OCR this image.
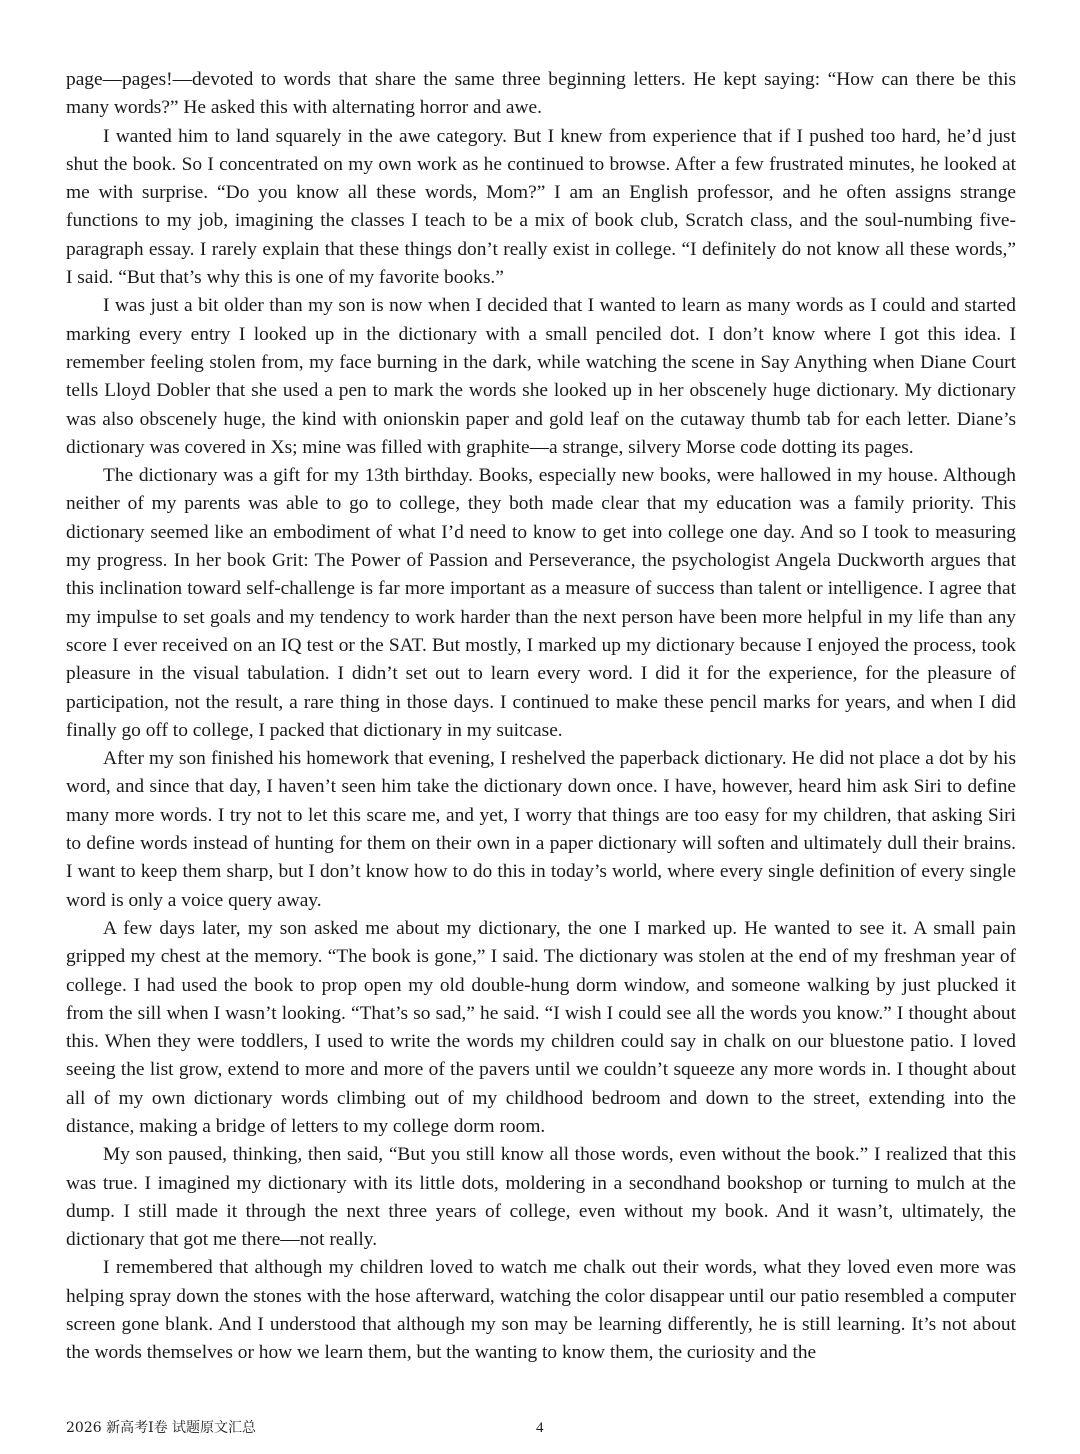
page—pages!—devoted to words that share the same three beginning letters. He kept saying: “How can there be this many words?” He asked this with alternating horror and awe.

I wanted him to land squarely in the awe category. But I knew from experience that if I pushed too hard, he’d just shut the book. So I concentrated on my own work as he continued to browse. After a few frustrated minutes, he looked at me with surprise. “Do you know all these words, Mom?” I am an English professor, and he often assigns strange functions to my job, imagining the classes I teach to be a mix of book club, Scratch class, and the soul-numbing five-paragraph essay. I rarely explain that these things don’t really exist in college. “I definitely do not know all these words,” I said. “But that’s why this is one of my favorite books.”

I was just a bit older than my son is now when I decided that I wanted to learn as many words as I could and started marking every entry I looked up in the dictionary with a small penciled dot. I don’t know where I got this idea. I remember feeling stolen from, my face burning in the dark, while watching the scene in Say Anything when Diane Court tells Lloyd Dobler that she used a pen to mark the words she looked up in her obscenely huge dictionary. My dictionary was also obscenely huge, the kind with onionskin paper and gold leaf on the cutaway thumb tab for each letter. Diane’s dictionary was covered in Xs; mine was filled with graphite—a strange, silvery Morse code dotting its pages.

The dictionary was a gift for my 13th birthday. Books, especially new books, were hallowed in my house. Although neither of my parents was able to go to college, they both made clear that my education was a family priority. This dictionary seemed like an embodiment of what I’d need to know to get into college one day. And so I took to measuring my progress. In her book Grit: The Power of Passion and Perseverance, the psychologist Angela Duckworth argues that this inclination toward self-challenge is far more important as a measure of success than talent or intelligence. I agree that my impulse to set goals and my tendency to work harder than the next person have been more helpful in my life than any score I ever received on an IQ test or the SAT. But mostly, I marked up my dictionary because I enjoyed the process, took pleasure in the visual tabulation. I didn’t set out to learn every word. I did it for the experience, for the pleasure of participation, not the result, a rare thing in those days. I continued to make these pencil marks for years, and when I did finally go off to college, I packed that dictionary in my suitcase.

After my son finished his homework that evening, I reshelved the paperback dictionary. He did not place a dot by his word, and since that day, I haven’t seen him take the dictionary down once. I have, however, heard him ask Siri to define many more words. I try not to let this scare me, and yet, I worry that things are too easy for my children, that asking Siri to define words instead of hunting for them on their own in a paper dictionary will soften and ultimately dull their brains. I want to keep them sharp, but I don’t know how to do this in today’s world, where every single definition of every single word is only a voice query away.

A few days later, my son asked me about my dictionary, the one I marked up. He wanted to see it. A small pain gripped my chest at the memory. “The book is gone,” I said. The dictionary was stolen at the end of my freshman year of college. I had used the book to prop open my old double-hung dorm window, and someone walking by just plucked it from the sill when I wasn’t looking. “That’s so sad,” he said. “I wish I could see all the words you know.” I thought about this. When they were toddlers, I used to write the words my children could say in chalk on our bluestone patio. I loved seeing the list grow, extend to more and more of the pavers until we couldn’t squeeze any more words in. I thought about all of my own dictionary words climbing out of my childhood bedroom and down to the street, extending into the distance, making a bridge of letters to my college dorm room.

My son paused, thinking, then said, “But you still know all those words, even without the book.” I realized that this was true. I imagined my dictionary with its little dots, moldering in a secondhand bookshop or turning to mulch at the dump. I still made it through the next three years of college, even without my book. And it wasn’t, ultimately, the dictionary that got me there—not really.

I remembered that although my children loved to watch me chalk out their words, what they loved even more was helping spray down the stones with the hose afterward, watching the color disappear until our patio resembled a computer screen gone blank. And I understood that although my son may be learning differently, he is still learning. It’s not about the words themselves or how we learn them, but the wanting to know them, the curiosity and the

2026 新高考Ⅰ卷 试题原文汇总	4
